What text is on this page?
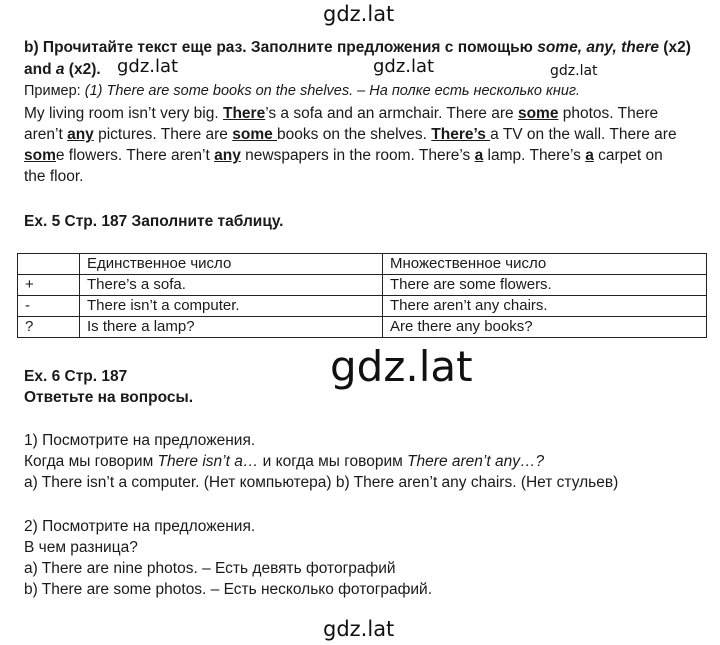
gdz.lat
gdz.lat	gdz.lat	gdz.lat
gdz.lat
gdz.lat
b) Прочитайте текст еще раз. Заполните предложения с помощью some, any, there (x2)
and a (x2).
Пример: (1) There are some books on the shelves. – На полке есть несколько книг.
My living room isn’t very big. There’s a sofa and an armchair. There are some photos. There
aren’t any pictures. There are some books on the shelves. There’s a TV on the wall. There are
some flowers. There aren’t any newspapers in the room. There’s a lamp. There’s a carpet on
the floor.
Ex. 5 Стр. 187 Заполните таблицу.
	Единственное число	Множественное число
+	There’s a sofa.	There are some flowers.
-	There isn’t a computer.	There aren’t any chairs.
?	Is there a lamp?	Are there any books?
Ex. 6 Стр. 187
Ответьте на вопросы.
1) Посмотрите на предложения.
Когда мы говорим There isn’t a… и когда мы говорим There aren’t any…?
a) There isn’t a computer. (Нет компьютера) b) There aren’t any chairs. (Нет стульев)
2) Посмотрите на предложения.
В чем разница?
a) There are nine photos. – Есть девять фотографий
b) There are some photos. – Есть несколько фотографий.
